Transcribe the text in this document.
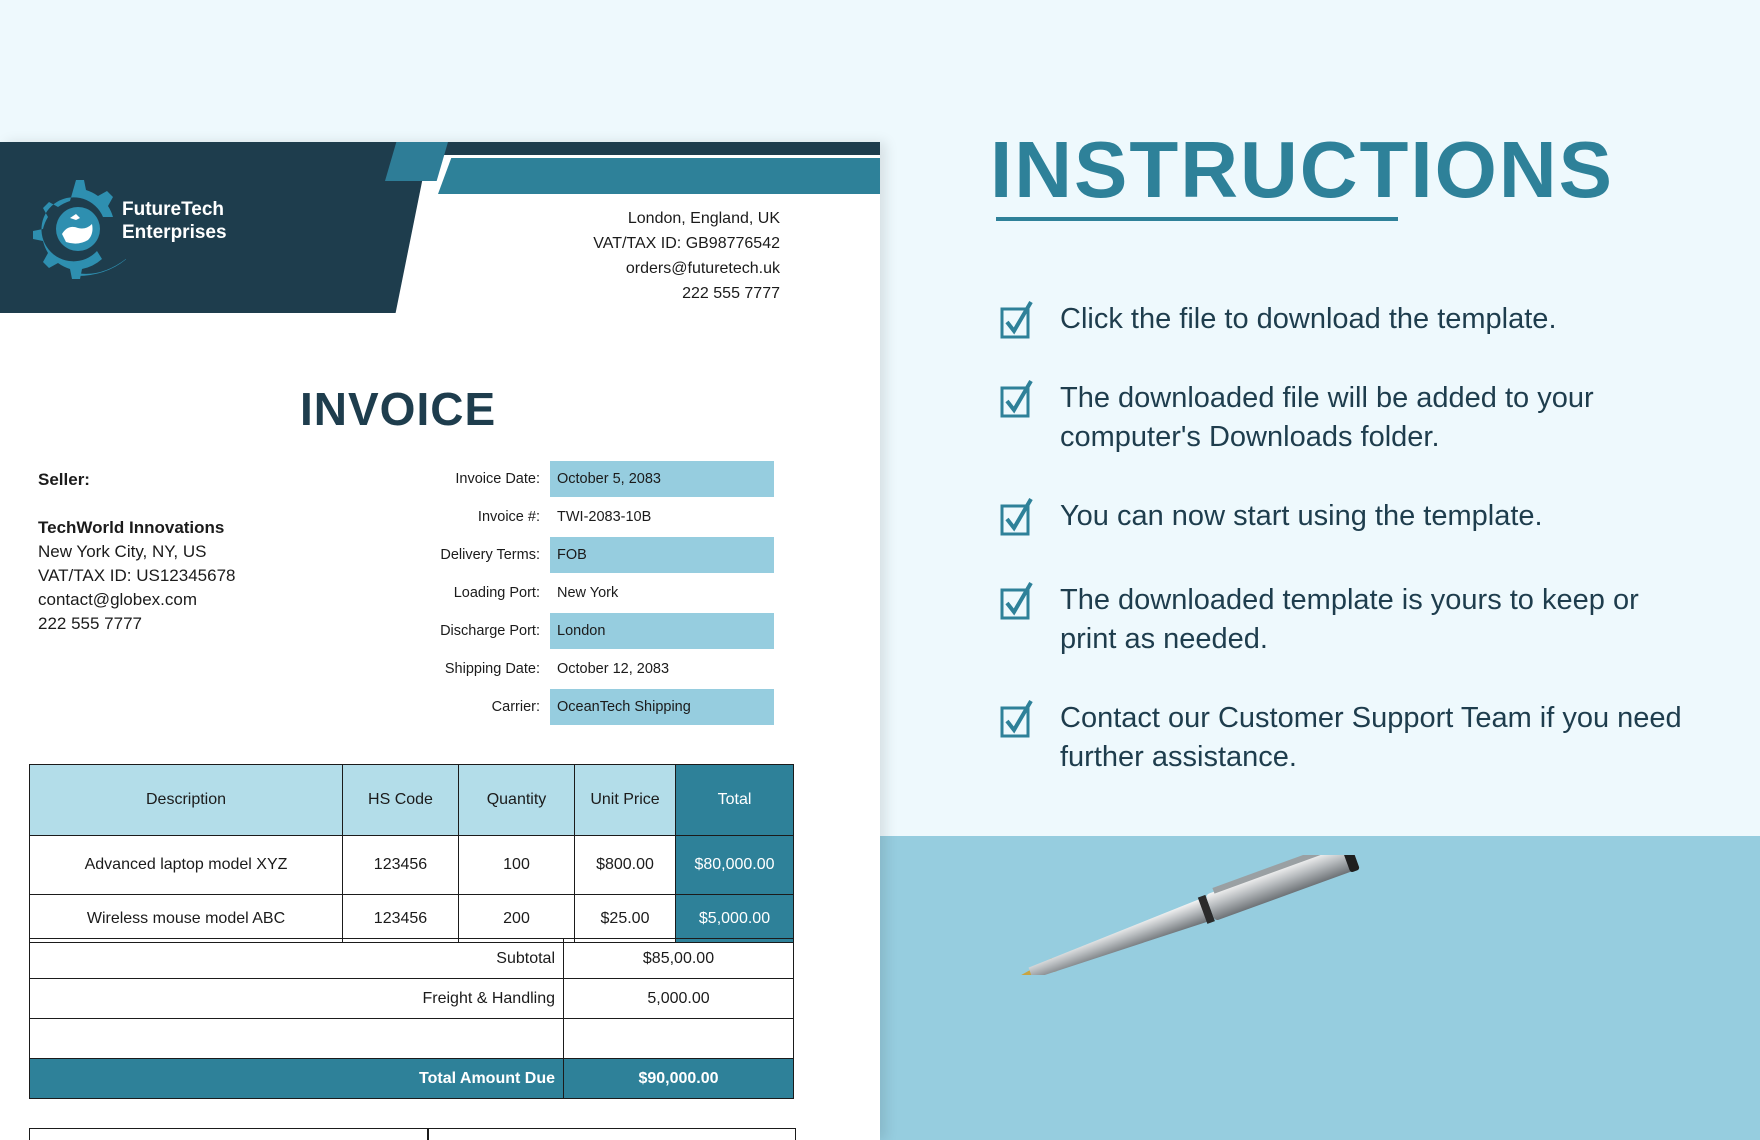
FutureTech
Enterprises
London, England, UK
VAT/TAX ID: GB98776542
orders@futuretech.uk
222 555 7777
INVOICE
Seller:
TechWorld Innovations
New York City, NY, US
VAT/TAX ID: US12345678
contact@globex.com
222 555 7777
Invoice Date:	October 5, 2083
Invoice #:	TWI-2083-10B
Delivery Terms:	FOB
Loading Port:	New York
Discharge Port:	London
Shipping Date:	October 12, 2083
Carrier:	OceanTech Shipping
Description	HS Code	Quantity	Unit Price	Total
Advanced laptop model XYZ	123456	100	$800.00	$80,000.00
Wireless mouse model ABC	123456	200	$25.00	$5,000.00
Subtotal	$85,00.00
Freight & Handling	5,000.00

Total Amount Due	$90,000.00
INSTRUCTIONS
Click the file to download the template.
The downloaded file will be added to your computer's Downloads folder.
You can now start using the template.
The downloaded template is yours to keep or print as needed.
Contact our Customer Support Team if you need further assistance.
